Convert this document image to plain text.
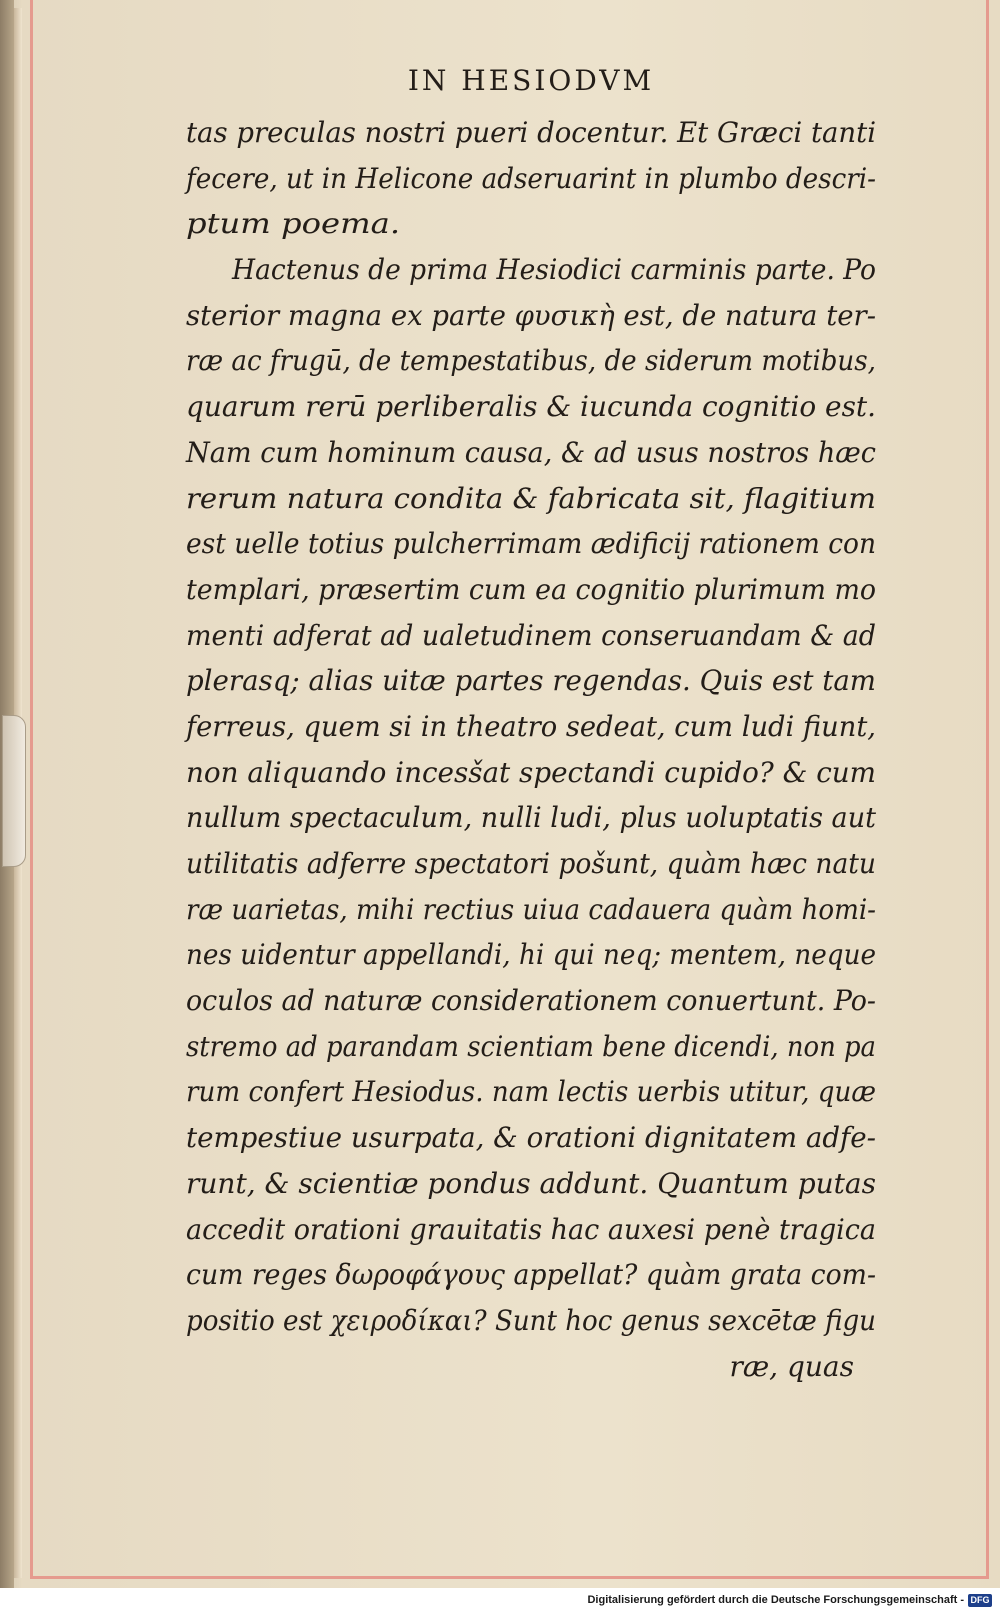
IN HESIODVM
tas preculas nostri pueri docentur. Et Græci tanti
fecere, ut in Helicone adseruarint in plumbo descri-
ptum poema.
Hactenus de prima Hesiodici carminis parte. Po
sterior magna ex parte φυσικὴ est, de natura ter-
ræ ac frugū, de tempestatibus, de siderum motibus,
quarum rerū perliberalis & iucunda cognitio est.
Nam cum hominum causa, & ad usus nostros hæc
rerum natura condita & fabricata sit, flagitium
est uelle totius pulcherrimam ædificij rationem con
templari, præsertim cum ea cognitio plurimum mo
menti adferat ad ualetudinem conseruandam & ad
plerasq; alias uitæ partes regendas. Quis est tam
ferreus, quem si in theatro sedeat, cum ludi fiunt,
non aliquando incesšat spectandi cupido? & cum
nullum spectaculum, nulli ludi, plus uoluptatis aut
utilitatis adferre spectatori pošunt, quàm hæc natu
ræ uarietas, mihi rectius uiua cadauera quàm homi-
nes uidentur appellandi, hi qui neq; mentem, neque
oculos ad naturæ considerationem conuertunt. Po-
stremo ad parandam scientiam bene dicendi, non pa
rum confert Hesiodus. nam lectis uerbis utitur, quæ
tempestiue usurpata, & orationi dignitatem adfe-
runt, & scientiæ pondus addunt. Quantum putas
accedit orationi grauitatis hac auxesi penè tragica
cum reges δωροφάγους appellat? quàm grata com-
positio est χειροδίκαι? Sunt hoc genus sexcētæ figu
ræ, quas
Digitalisierung gefördert durch die Deutsche Forschungsgemeinschaft - DFG
